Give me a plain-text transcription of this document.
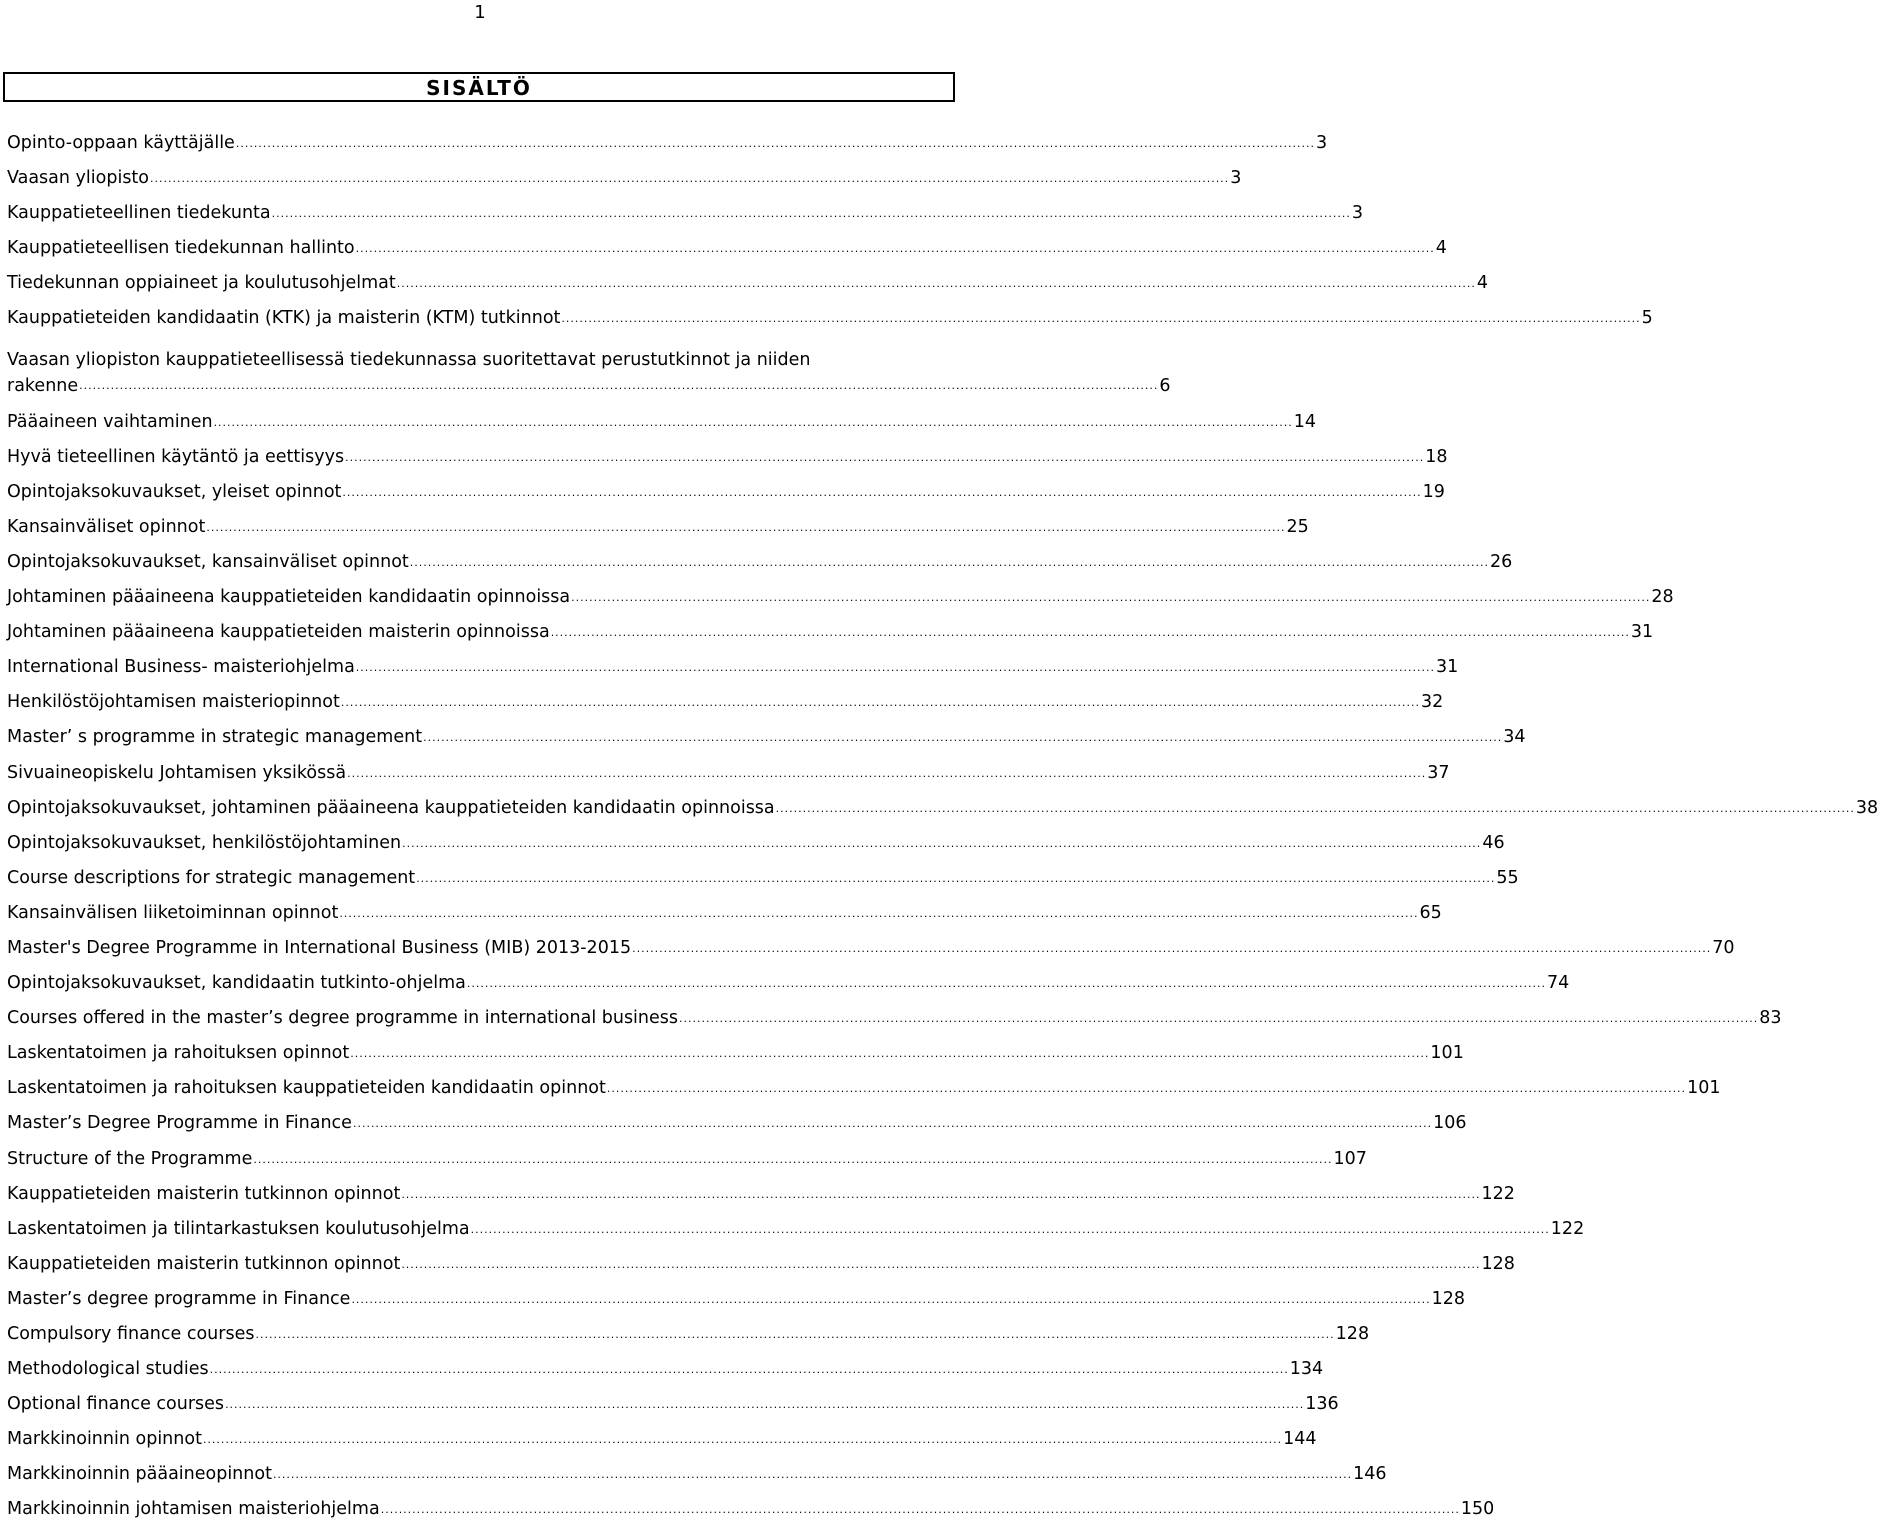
1
SISÄLTÖ
Opinto-oppaan käyttäjälle ................................................................................................................................................................................................................................................ 3
Vaasan yliopisto ................................................................................................................................................................................................................................................ 3
Kauppatieteellinen tiedekunta ................................................................................................................................................................................................................................................ 3
Kauppatieteellisen tiedekunnan hallinto ................................................................................................................................................................................................................................................ 4
Tiedekunnan oppiaineet ja koulutusohjelmat ................................................................................................................................................................................................................................................ 4
Kauppatieteiden kandidaatin (KTK) ja maisterin (KTM) tutkinnot ................................................................................................................................................................................................................................................ 5
Vaasan yliopiston kauppatieteellisessä tiedekunnassa suoritettavat perustutkinnot ja niiden
rakenne ................................................................................................................................................................................................................................................ 6
Pääaineen vaihtaminen ................................................................................................................................................................................................................................................ 14
Hyvä tieteellinen käytäntö ja eettisyys ................................................................................................................................................................................................................................................ 18
Opintojaksokuvaukset, yleiset opinnot ................................................................................................................................................................................................................................................ 19
Kansainväliset opinnot ................................................................................................................................................................................................................................................ 25
Opintojaksokuvaukset, kansainväliset opinnot ................................................................................................................................................................................................................................................ 26
Johtaminen pääaineena kauppatieteiden kandidaatin opinnoissa ................................................................................................................................................................................................................................................ 28
Johtaminen pääaineena kauppatieteiden maisterin opinnoissa ................................................................................................................................................................................................................................................ 31
International Business- maisteriohjelma ................................................................................................................................................................................................................................................ 31
Henkilöstöjohtamisen maisteriopinnot ................................................................................................................................................................................................................................................ 32
Master’ s programme in strategic management ................................................................................................................................................................................................................................................ 34
Sivuaineopiskelu Johtamisen yksikössä ................................................................................................................................................................................................................................................ 37
Opintojaksokuvaukset, johtaminen pääaineena kauppatieteiden kandidaatin opinnoissa ................................................................................................................................................................................................................................................ 38
Opintojaksokuvaukset, henkilöstöjohtaminen ................................................................................................................................................................................................................................................ 46
Course descriptions for strategic management ................................................................................................................................................................................................................................................ 55
Kansainvälisen liiketoiminnan opinnot ................................................................................................................................................................................................................................................ 65
Master's Degree Programme in International Business (MIB) 2013-2015 ................................................................................................................................................................................................................................................ 70
Opintojaksokuvaukset, kandidaatin tutkinto-ohjelma ................................................................................................................................................................................................................................................ 74
Courses offered in the master’s degree programme in international business ................................................................................................................................................................................................................................................ 83
Laskentatoimen ja rahoituksen opinnot ................................................................................................................................................................................................................................................ 101
Laskentatoimen ja rahoituksen kauppatieteiden kandidaatin opinnot ................................................................................................................................................................................................................................................ 101
Master’s Degree Programme in Finance ................................................................................................................................................................................................................................................ 106
Structure of the Programme ................................................................................................................................................................................................................................................ 107
Kauppatieteiden maisterin tutkinnon opinnot ................................................................................................................................................................................................................................................ 122
Laskentatoimen ja tilintarkastuksen koulutusohjelma ................................................................................................................................................................................................................................................ 122
Kauppatieteiden maisterin tutkinnon opinnot ................................................................................................................................................................................................................................................ 128
Master’s degree programme in Finance ................................................................................................................................................................................................................................................ 128
Compulsory finance courses ................................................................................................................................................................................................................................................ 128
Methodological studies ................................................................................................................................................................................................................................................ 134
Optional finance courses ................................................................................................................................................................................................................................................ 136
Markkinoinnin opinnot ................................................................................................................................................................................................................................................ 144
Markkinoinnin pääaineopinnot ................................................................................................................................................................................................................................................ 146
Markkinoinnin johtamisen maisteriohjelma ................................................................................................................................................................................................................................................ 150
